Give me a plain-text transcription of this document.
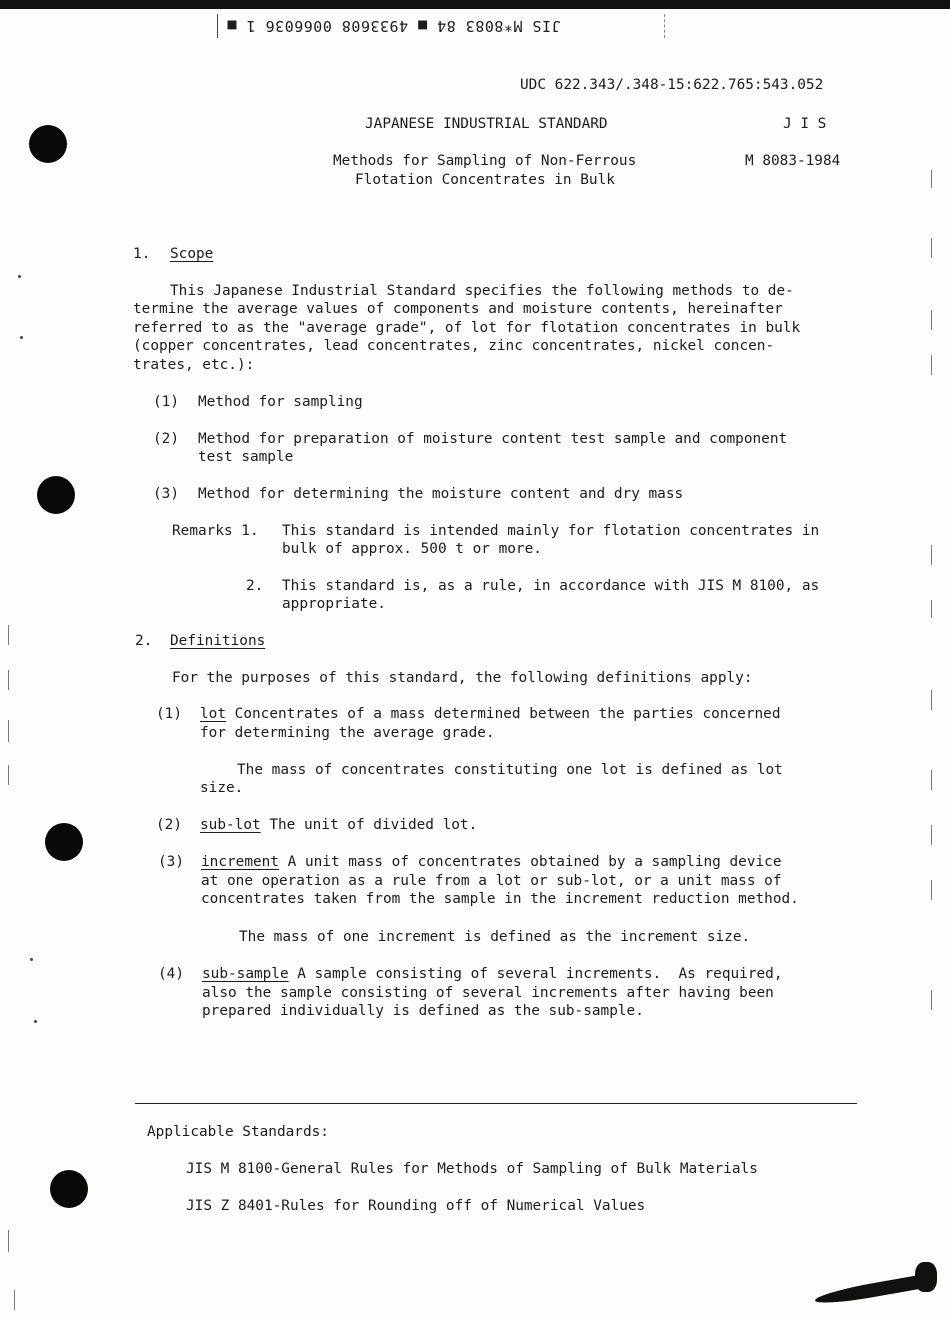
JIS M*8083 84 ■ 4933608 0066036 1 ■
UDC 622.343/.348-15:622.765:543.052
JAPANESE INDUSTRIAL STANDARD	J I S
Methods for Sampling of Non-Ferrous	M 8083-1984
Flotation Concentrates in Bulk
1. Scope
This Japanese Industrial Standard specifies the following methods to de-
termine the average values of components and moisture contents, hereinafter
referred to as the "average grade", of lot for flotation concentrates in bulk
(copper concentrates, lead concentrates, zinc concentrates, nickel concen-
trates, etc.):
(1) Method for sampling
(2) Method for preparation of moisture content test sample and component
test sample
(3) Method for determining the moisture content and dry mass
Remarks 1. This standard is intended mainly for flotation concentrates in
bulk of approx. 500 t or more.
2. This standard is, as a rule, in accordance with JIS M 8100, as
appropriate.
2. Definitions
For the purposes of this standard, the following definitions apply:
(1) lot Concentrates of a mass determined between the parties concerned
for determining the average grade.
The mass of concentrates constituting one lot is defined as lot
size.
(2) sub-lot The unit of divided lot.
(3) increment A unit mass of concentrates obtained by a sampling device
at one operation as a rule from a lot or sub-lot, or a unit mass of
concentrates taken from the sample in the increment reduction method.
The mass of one increment is defined as the increment size.
(4) sub-sample A sample consisting of several increments.  As required,
also the sample consisting of several increments after having been
prepared individually is defined as the sub-sample.
Applicable Standards:
JIS M 8100-General Rules for Methods of Sampling of Bulk Materials
JIS Z 8401-Rules for Rounding off of Numerical Values
